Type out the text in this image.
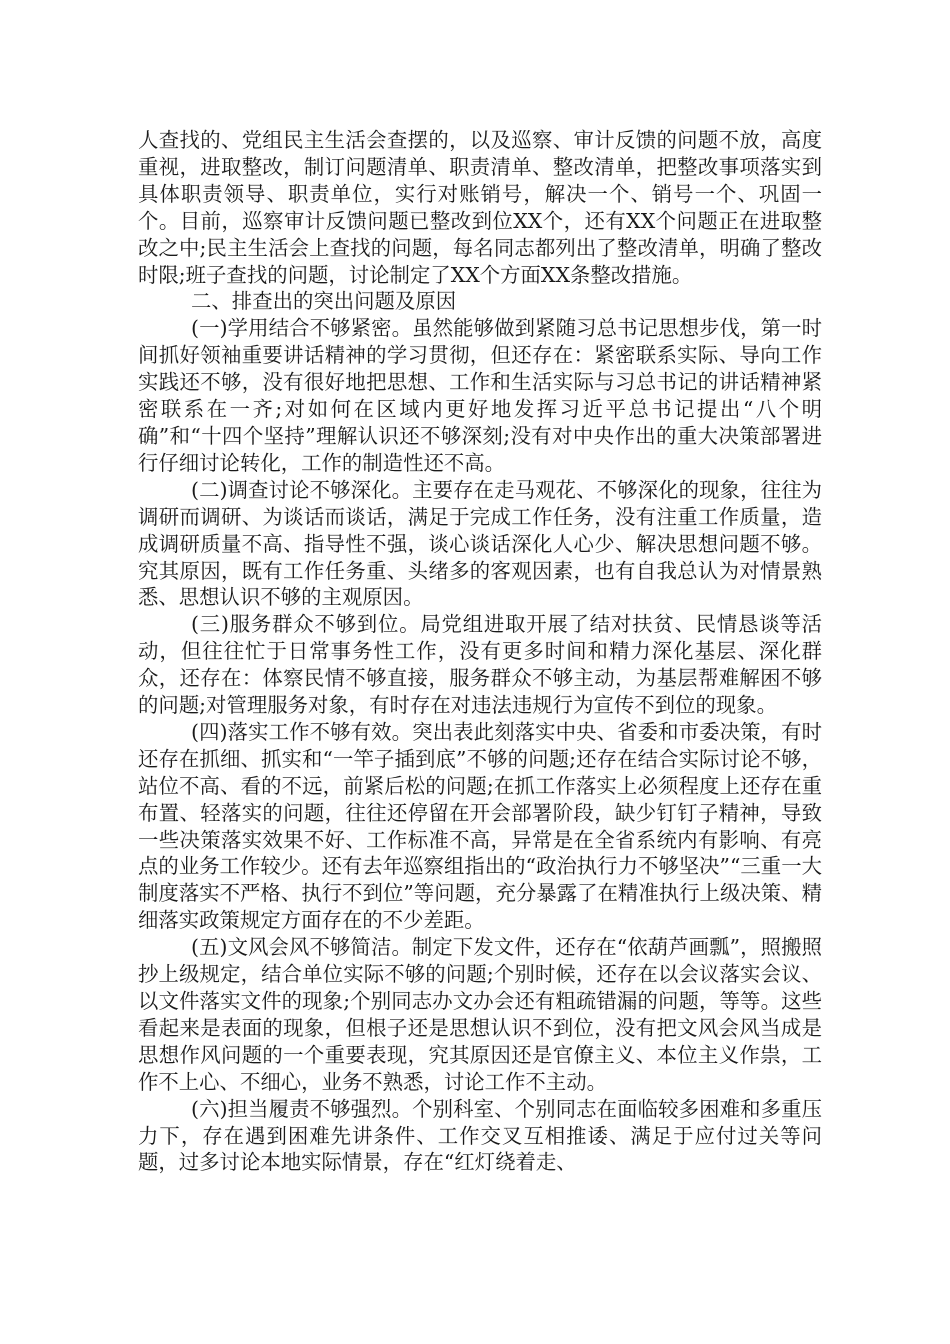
人查找的、党组民主生活会查摆的，以及巡察、审计反馈的问题不放，高度重视，进取整改，制订问题清单、职责清单、整改清单，把整改事项落实到具体职责领导、职责单位，实行对账销号，解决一个、销号一个、巩固一个。目前，巡察审计反馈问题已整改到位XX个，还有XX个问题正在进取整改之中;民主生活会上查找的问题，每名同志都列出了整改清单，明确了整改时限;班子查找的问题，讨论制定了XX个方面XX条整改措施。

二、排查出的突出问题及原因

(一)学用结合不够紧密。虽然能够做到紧随习总书记思想步伐，第一时间抓好领袖重要讲话精神的学习贯彻，但还存在：紧密联系实际、导向工作实践还不够，没有很好地把思想、工作和生活实际与习总书记的讲话精神紧密联系在一齐;对如何在区域内更好地发挥习近平总书记提出“八个明确”和“十四个坚持”理解认识还不够深刻;没有对中央作出的重大决策部署进行仔细讨论转化，工作的制造性还不高。

(二)调查讨论不够深化。主要存在走马观花、不够深化的现象，往往为调研而调研、为谈话而谈话，满足于完成工作任务，没有注重工作质量，造成调研质量不高、指导性不强，谈心谈话深化人心少、解决思想问题不够。究其原因，既有工作任务重、头绪多的客观因素，也有自我总认为对情景熟悉、思想认识不够的主观原因。

(三)服务群众不够到位。局党组进取开展了结对扶贫、民情恳谈等活动，但往往忙于日常事务性工作，没有更多时间和精力深化基层、深化群众，还存在：体察民情不够直接，服务群众不够主动，为基层帮难解困不够的问题;对管理服务对象，有时存在对违法违规行为宣传不到位的现象。

(四)落实工作不够有效。突出表此刻落实中央、省委和市委决策，有时还存在抓细、抓实和“一竿子插到底”不够的问题;还存在结合实际讨论不够，站位不高、看的不远，前紧后松的问题;在抓工作落实上必须程度上还存在重布置、轻落实的问题，往往还停留在开会部署阶段，缺少钉钉子精神，导致一些决策落实效果不好、工作标准不高，异常是在全省系统内有影响、有亮点的业务工作较少。还有去年巡察组指出的“政治执行力不够坚决”“三重一大制度落实不严格、执行不到位”等问题，充分暴露了在精准执行上级决策、精细落实政策规定方面存在的不少差距。

(五)文风会风不够简洁。制定下发文件，还存在“依葫芦画瓢”，照搬照抄上级规定，结合单位实际不够的问题;个别时候，还存在以会议落实会议、以文件落实文件的现象;个别同志办文办会还有粗疏错漏的问题，等等。这些看起来是表面的现象，但根子还是思想认识不到位，没有把文风会风当成是思想作风问题的一个重要表现，究其原因还是官僚主义、本位主义作祟，工作不上心、不细心，业务不熟悉，讨论工作不主动。

(六)担当履责不够强烈。个别科室、个别同志在面临较多困难和多重压力下，存在遇到困难先讲条件、工作交叉互相推诿、满足于应付过关等问题，过多讨论本地实际情景，存在“红灯绕着走、
